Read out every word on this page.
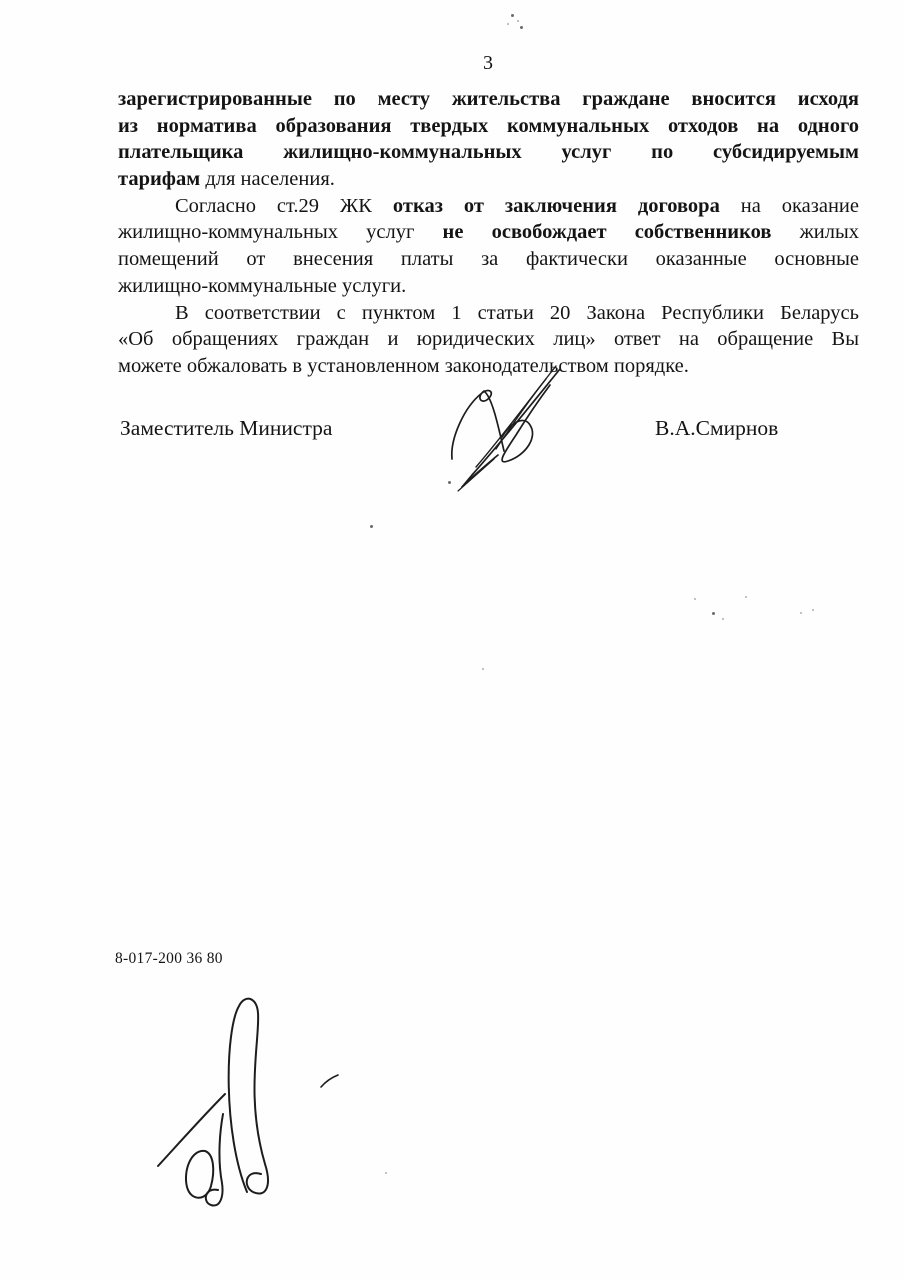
3
зарегистрированные по месту жительства граждане вносится исходя
из норматива образования твердых коммунальных отходов на одного
плательщика жилищно-коммунальных услуг по субсидируемым
тарифам для населения.
Согласно ст.29 ЖК отказ от заключения договора на оказание
жилищно-коммунальных услуг не освобождает собственников жилых
помещений от внесения платы за фактически оказанные основные
жилищно-коммунальные услуги.
В соответствии с пунктом 1 статьи 20 Закона Республики Беларусь
«Об обращениях граждан и юридических лиц» ответ на обращение Вы
можете обжаловать в установленном законодательством порядке.
Заместитель Министра	В.А.Смирнов
8-017-200 36 80
